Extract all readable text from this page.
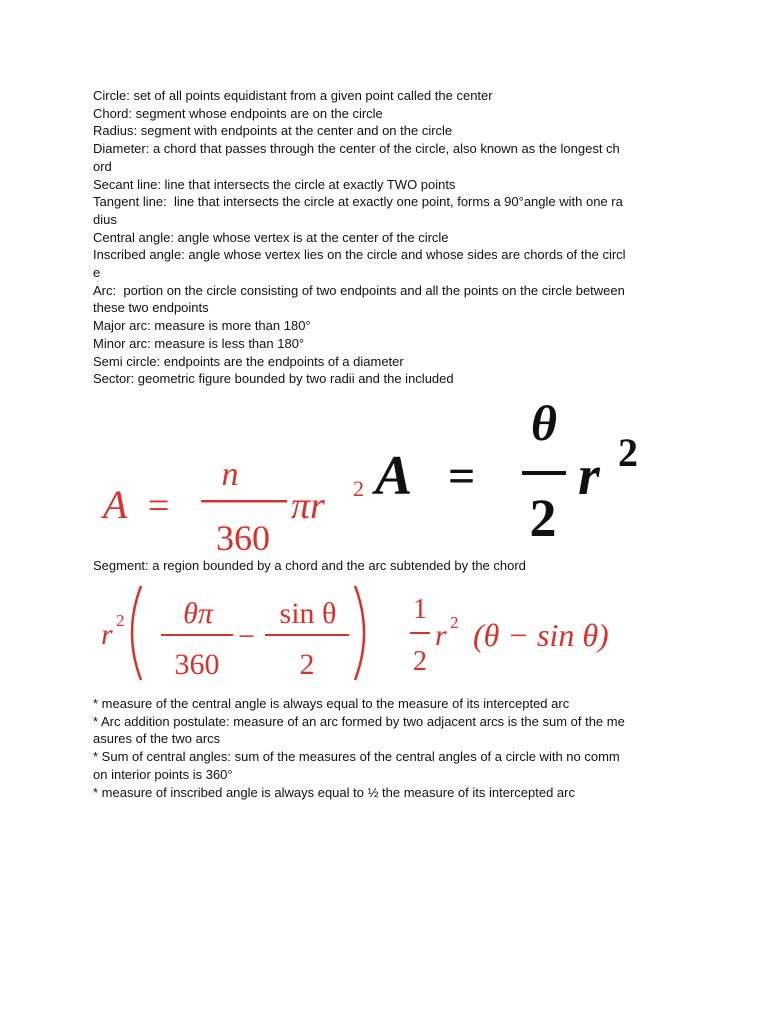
Circle: set of all points equidistant from a given point called the center
Chord: segment whose endpoints are on the circle
Radius: segment with endpoints at the center and on the circle
Diameter: a chord that passes through the center of the circle, also known as the longest ch
ord
Secant line: line that intersects the circle at exactly TWO points
Tangent line:  line that intersects the circle at exactly one point, forms a 90°angle with one ra
dius
Central angle: angle whose vertex is at the center of the circle
Inscribed angle: angle whose vertex lies on the circle and whose sides are chords of the circl
e
Arc:  portion on the circle consisting of two endpoints and all the points on the circle between
these two endpoints
Major arc: measure is more than 180°
Minor arc: measure is less than 180°
Semi circle: endpoints are the endpoints of a diameter
Sector: geometric figure bounded by two radii and the included
A =
n
360
πr 2 A =
θ
2
r 2
Segment: a region bounded by a chord and the arc subtended by the chord
r 2 θπ
360
−
sin θ
2
1
2
r 2 (θ − sin θ)
* measure of the central angle is always equal to the measure of its intercepted arc
* Arc addition postulate: measure of an arc formed by two adjacent arcs is the sum of the me
asures of the two arcs
* Sum of central angles: sum of the measures of the central angles of a circle with no comm
on interior points is 360°
* measure of inscribed angle is always equal to ½ the measure of its intercepted arc
